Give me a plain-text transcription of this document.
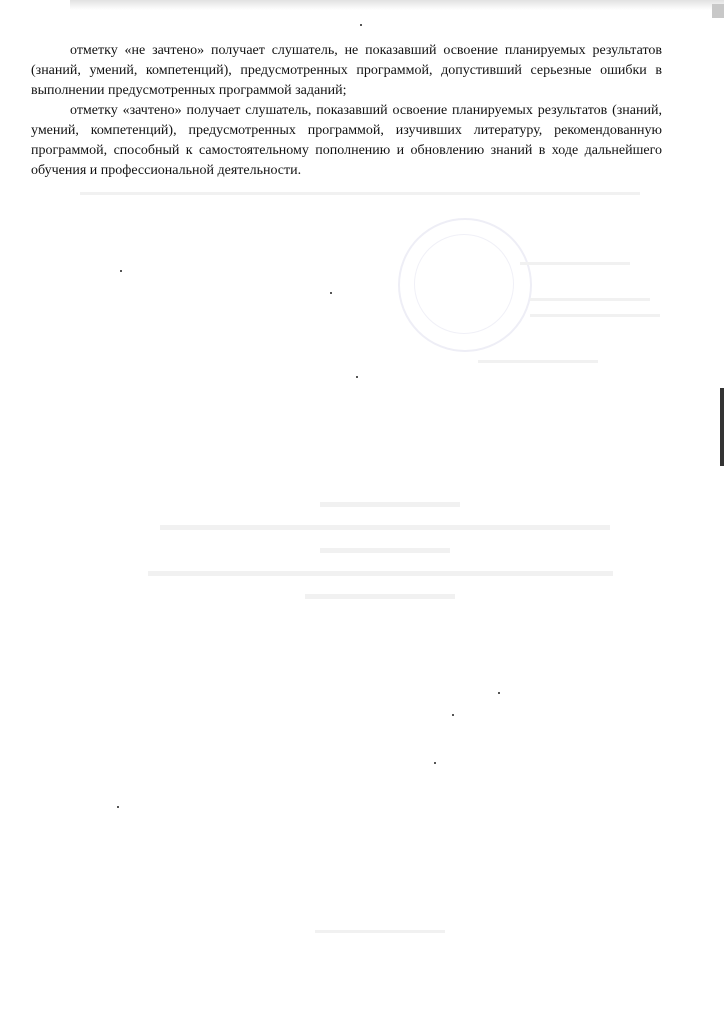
отметку «не зачтено» получает слушатель, не показавший освоение планируемых результатов (знаний, умений, компетенций), предусмотренных программой, допустивший серьезные ошибки в выполнении предусмотренных программой заданий;

отметку «зачтено» получает слушатель, показавший освоение планируемых результатов (знаний, умений, компетенций), предусмотренных программой, изучивших литературу, рекомендованную программой, способный к самостоятельному пополнению и обновлению знаний в ходе дальнейшего обучения и профессиональной деятельности.
